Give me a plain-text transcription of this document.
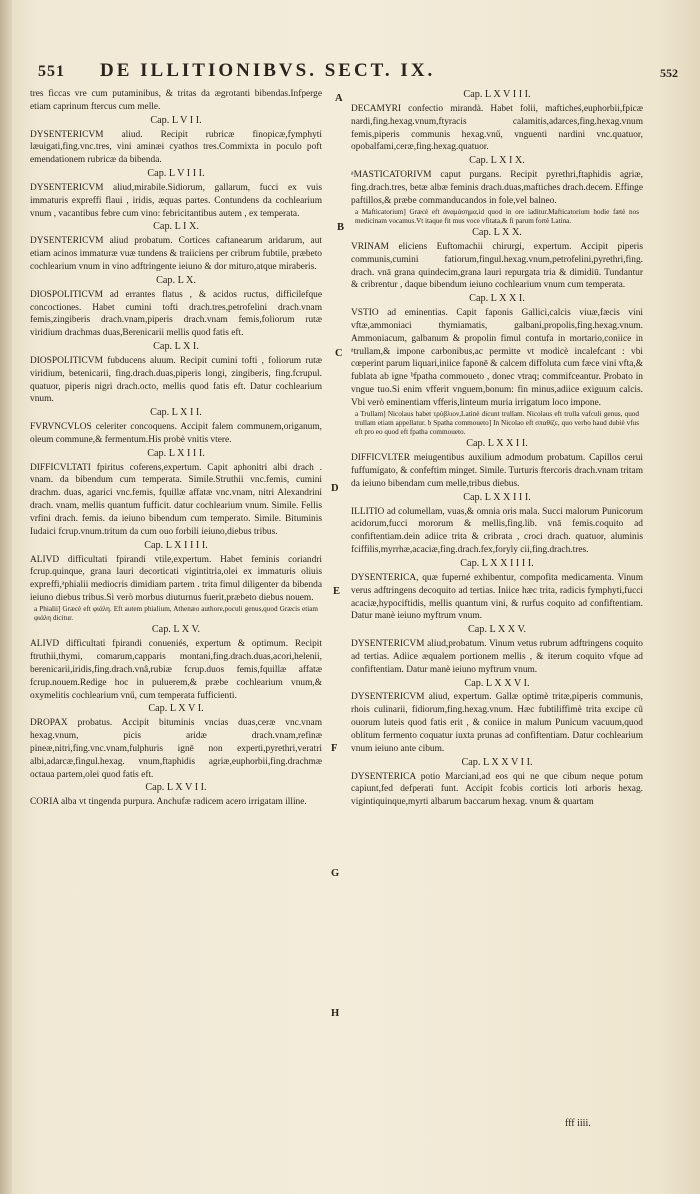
551 DE ILLITIONIBVS. SECT. IX.	552

tres ficcas vre cum putaminibus, & tritas da ægrotanti bibendas.Infperge etiam caprinum ftercus cum melle.

Cap. L V I I.

DYSENTERICVM aliud. Recipit rubricæ finopicæ,fymphyti læuigati,fing.vnc.tres, vini aminæi cyathos tres.Commixta in poculo poft emendationem rubricæ da bibenda.

Cap. L V I I I.

DYSENTERICVM aliud,mirabile.Sidiorum, gallarum, fucci ex vuis immaturis expreffi flaui , iridis, æquas partes. Contundens da cochlearium vnum , vacantibus febre cum vino: febricitantibus autem , ex temperata.

Cap. L I X.

DYSENTERICVM aliud probatum. Cortices caftanearum aridarum, aut etiam acinos immaturæ vuæ tundens & traiiciens per cribrum fubtile, præbeto cochlearium vnum in vino adftringente ieiuno & dor miturо,atque miraberis.

Cap. L X.

DIOSPOLITICVM ad errantes flatus , & acidos ructus, difficilefque concoctiones. Habet cumini tofti drach.tres,petrofelini drach.vnam femis,zingiberis drach.vnam,piperis drach.vnam femis,foliorum rutæ viridium drachmas duas,Berenicarii mellis quod fatis eft.

Cap. L X I.

DIOSPOLITICVM fubducens aluum. Recipit cumini tofti , foliorum rutæ viridium, betenicarii, fing.drach.duas,piperis longi, zingiberis, fing.fcrupul. quatuor, piperis nigri drach.octo, mellis quod fatis eft. Datur cochlearium vnum.

Cap. L X I I.

FVRVNCVLOS celeriter concoquens. Accipit falem communem,origanum, oleum commune,& fermentum.His probè vnitis vtere.

Cap. L X I I I.

DIFFICVLTATI fpiritus coferens,expertum. Capit aphonitri albi drach . vnam. da bibendum cum temperata. Simile.Struthii vnc.femis, cumini drachm. duas, agarici vnc.femis, fquillæ affatæ vnc.vnam, nitri Alexandrini drach. vnam, mellis quantum fufficit. datur cochlearium vnum. Simile. Fellis vrfini drach. femis. da ieiuno bibendum cum temperato. Simile. Bituminis Iudaici fcrup.vnum.tritum da cum ouo forbili ieiuno,diebus tribus.

Cap. L X I I I I.

ALIVD difficultati fpirandi vtile,expertum. Habet feminis coriandri fcrup.quinque, grana lauri decorticati vigintitria,olei ex immaturis oliuis expreffi,ᵃphialii mediocris dimidiam partem . trita fimul diligenter da bibenda ieiuno diebus tribus.Si verò morbus diuturnus fuerit,præbeto diebus nouem.

a Phialii] Græcè eft φιάλη. Eft autem phialium, Athenæo authore,poculi genus,quod Græcis etiam φιάλη dicitur.

Cap. L X V.

ALIVD difficultati fpirandi conueniés, expertum & optimum. Recipit ftruthii,thymi, comarum,capparis montani,fing.drach.duas,acori,helenii, berenicarii,iridis,fing.drach.vnâ,rubiæ fcrup.duos femis,fquillæ affatæ fcrup.nouem.Redige hoc in puluerem,& præbe cochlearium vnum,& oxymelitis cochlearium vnű, cum temperata fufficienti.

Cap. L X V I.

DROPAX probatus. Accipit bituminis vncias duas,ceræ vnc.vnam hexag.vnum, picis aridæ drach.vnam,refinæ pineæ,nitri,fing.vnc.vnam,fulphuris ignē non experti,pyrethri,veratri albi,adarcæ,fingul.hexag. vnum,ftaphidis agriæ,euphorbii,fing.drachmæ octaua partem,olei quod fatis eft.

Cap. L X V I I.

CORIA alba vt tingenda purpura. Anchufæ radicem acero irrigatam illine.

Cap. L X V I I I.

DECAMYRI confectio mirandà. Habet folii, mafticheś,euphorbii,fpicæ nardi,fing.hexag.vnum,ftyracis calamitis,adarces,fing.hexag.vnum femis,piperis communis hexag.vnű, vnguenti nardini vnc.quatuor, opobalfami,ceræ,fing.hexag.quatuor.

Cap. L X I X.

ᵃMASTICATORIVM caput purgans. Recipit pyrethri,ftaphidis agriæ, fing.drach.tres, betæ albæ feminis drach.duas,maftiches drach.decem. Effinge paftillos,& præbe commanducandos in fole,vel balneo.

a Mafticatorium] Græcè eft ἀναμάσημα,id quod in ore iaditur.Mafticatorium hodie fætè nos medicinam vocamus.Vt itaque fit mus voce vfitata,& fi parum fortè Latina.

Cap. L X X.

VRINAM eliciens Euftomachii chirurgi, expertum. Accipit piperis communis,cumini fatiorum,fingul.hexag.vnum,petrofelini,pyrethri,fing. drach. vnā grana quindecim,grana lauri repurgata tria & dimidiū. Tundantur & cribrentur , daque bibendum ieiuno cochlearium vnum cum temperata.

Cap. L X X I.

VSTIO ad eminentias. Capit faponis Gallici,calcis viuæ,fæcis vini vftæ,ammoniaci thymiamatis, galbani,propolis,fing.hexag.vnum. Ammoniacum, galbanum & propolin fimul contufa in mortario,coniice in ᵃtrullam,& impone carbonibus,ac permitte vt modicè incalefcant : vbi cœperint parum liquari,iniice faponē & calcem diffoluta cum fæce vini vfta,& fublata ab igne ᵇfpatha commoueto , donec vtraq; commifceantur. Probato in vngue tuo.Si enim vfferit vnguem,bonum: fin minus,adiice exiguum calcis. Vbi verò eminentiam vfferis,linteum muria irrigatum loco impone.

a Trullam] Nicolaus habet τρύβλιον,Latinè dicunt trullam. Nicolaus eft trulla vafculi genus, quod trullam etiam appellatur. b Spatha commoueto] In Nicolao eft σπαθίζε, quo verbo haud dubiè vfus eft pro eo quod eft fpatha commoueto.

Cap. L X X I I.

DIFFICVLTER meiugentibus auxilium admodum probatum. Capillos cerui fuffumigato, & confeftim minget. Simile. Turturis ftercoris drach.vnam tritam da ieiuno bibendam cum melle,tribus diebus.

Cap. L X X I I I.

ILLITIO ad columellam, vuas,& omnia oris mala. Succi malorum Punicorum acidorum,fucci mororum & mellis,fing.lib. vnā femis.coquito ad confiftentiam.dein adiice trita & cribrata , croci drach. quatuor, aluminis fciffilis,myrrhæ,acaciæ,fing.drach.fex,foryly cii,fing.drach.tres.

Cap. L X X I I I I.

DYSENTERICA, quæ fuperné exhibentur, compofita medicamenta. Vinum verus adftringens decoquito ad tertias. Iniice hæc trita, radicis fymphyti,fucci acaciæ,hypociftidis, mellis quantum vini, & rurfus coquito ad confiftentiam. Datur manè ieiuno myftrum vnum.

Cap. L X X V.

DYSENTERICVM aliud,probatum. Vinum vetus rubrum adftringens coquito ad tertias. Adiice æqualem portionem mellis , & iterum coquito vfque ad confiftentiam. Datur manè ieiuno myftrum vnum.

Cap. L X X V I.

DYSENTERICVM aliud, expertum. Gallæ optimè tritæ,piperis communis, rhois culinarii, fidiorum,fing.hexag.vnum. Hæc fubtiliffimè trita excipe cũ ouorum luteis quod fatis erit , & coniice in malum Punicum vacuum,quod oblitum fermento coquatur iuxta prunas ad confiftentiam. Datur cochlearium vnum ieiuno ante cibum.

Cap. L X X V I I.

DYSENTERICA potio Marciani,ad eos qui ne que cibum neque potum capiunt,fed defperati funt. Accipit fcobis corticis loti arboris hexag. vigintiquinque,myrti albarum baccarum hexag. vnum & quartam

A
B
C
D
E
F
G
H
fff iiii.
